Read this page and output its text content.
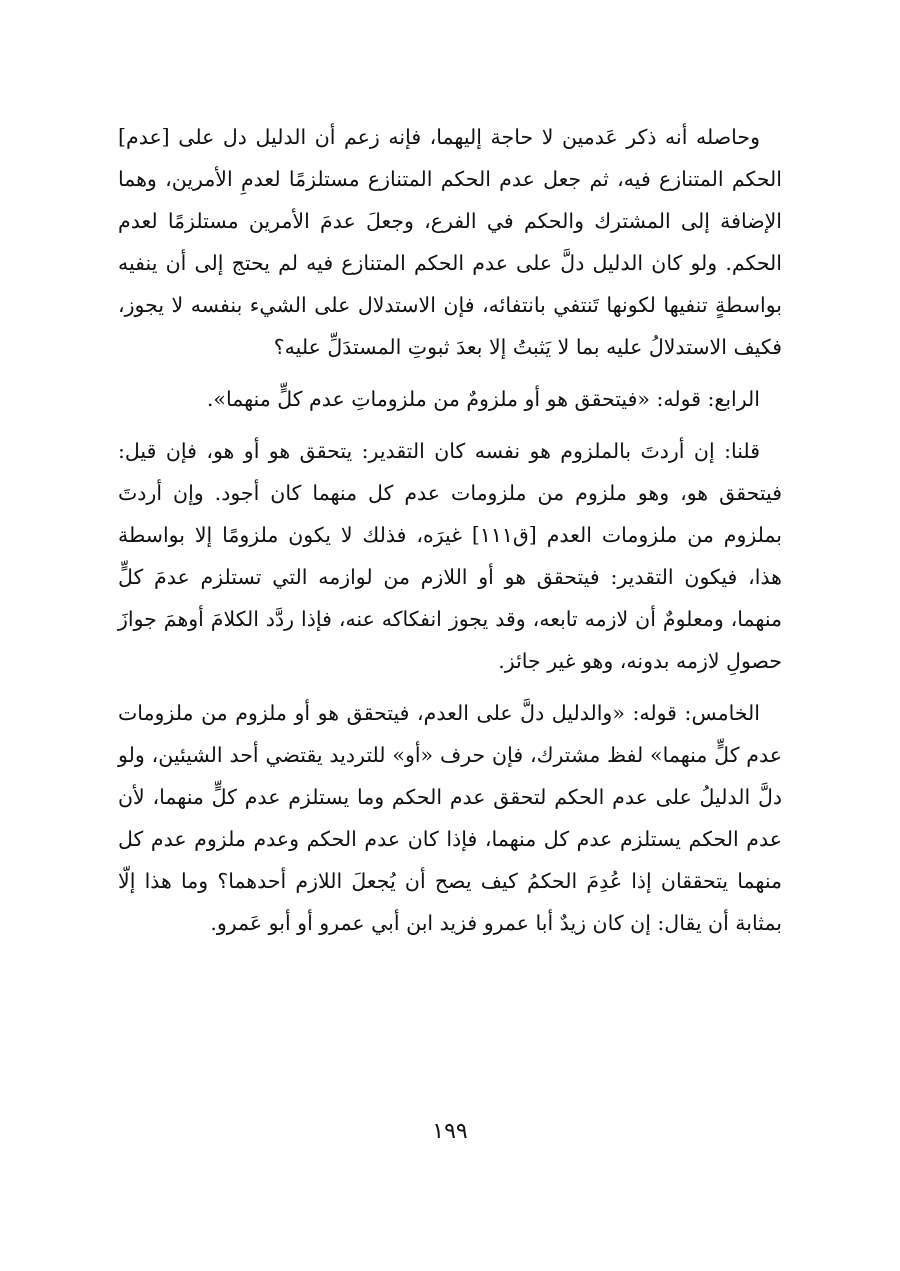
وحاصله أنه ذكر عَدمين لا حاجة إليهما، فإنه زعم أن الدليل دل على [عدم] الحكم المتنازع فيه، ثم جعل عدم الحكم المتنازع مستلزمًا لعدمِ الأمرين، وهما الإضافة إلى المشترك والحكم في الفرع، وجعلَ عدمَ الأمرين مستلزمًا لعدم الحكم. ولو كان الدليل دلَّ على عدم الحكم المتنازع فيه لم يحتج إلى أن ينفيه بواسطةٍ تنفيها لكونها تَنتفي بانتفائه، فإن الاستدلال على الشيء بنفسه لا يجوز، فكيف الاستدلالُ عليه بما لا يَثبتُ إلا بعدَ ثبوتِ المستدَلِّ عليه؟

الرابع: قوله: «فيتحقق هو أو ملزومٌ من ملزوماتِ عدم كلٍّ منهما».

قلنا: إن أردتَ بالملزوم هو نفسه كان التقدير: يتحقق هو أو هو، فإن قيل: فيتحقق هو، وهو ملزوم من ملزومات عدم كل منهما كان أجود. وإن أردتَ بملزوم من ملزومات العدم [ق١١١] غيرَه، فذلك لا يكون ملزومًا إلا بواسطة هذا، فيكون التقدير: فيتحقق هو أو اللازم من لوازمه التي تستلزم عدمَ كلٍّ منهما، ومعلومٌ أن لازمه تابعه، وقد يجوز انفكاكه عنه، فإذا ردَّد الكلامَ أوهمَ جوازَ حصولِ لازمه بدونه، وهو غير جائز.

الخامس: قوله: «والدليل دلَّ على العدم، فيتحقق هو أو ملزوم من ملزومات عدم كلٍّ منهما» لفظ مشترك، فإن حرف «أو» للترديد يقتضي أحد الشيئين، ولو دلَّ الدليلُ على عدم الحكم لتحقق عدم الحكم وما يستلزم عدم كلٍّ منهما، لأن عدم الحكم يستلزم عدم كل منهما، فإذا كان عدم الحكم وعدم ملزوم عدم كل منهما يتحققان إذا عُدِمَ الحكمُ كيف يصح أن يُجعلَ اللازم أحدهما؟ وما هذا إلّا بمثابة أن يقال: إن كان زيدٌ أبا عمرو فزيد ابن أبي عمرو أو أبو عَمرو.

١٩٩
